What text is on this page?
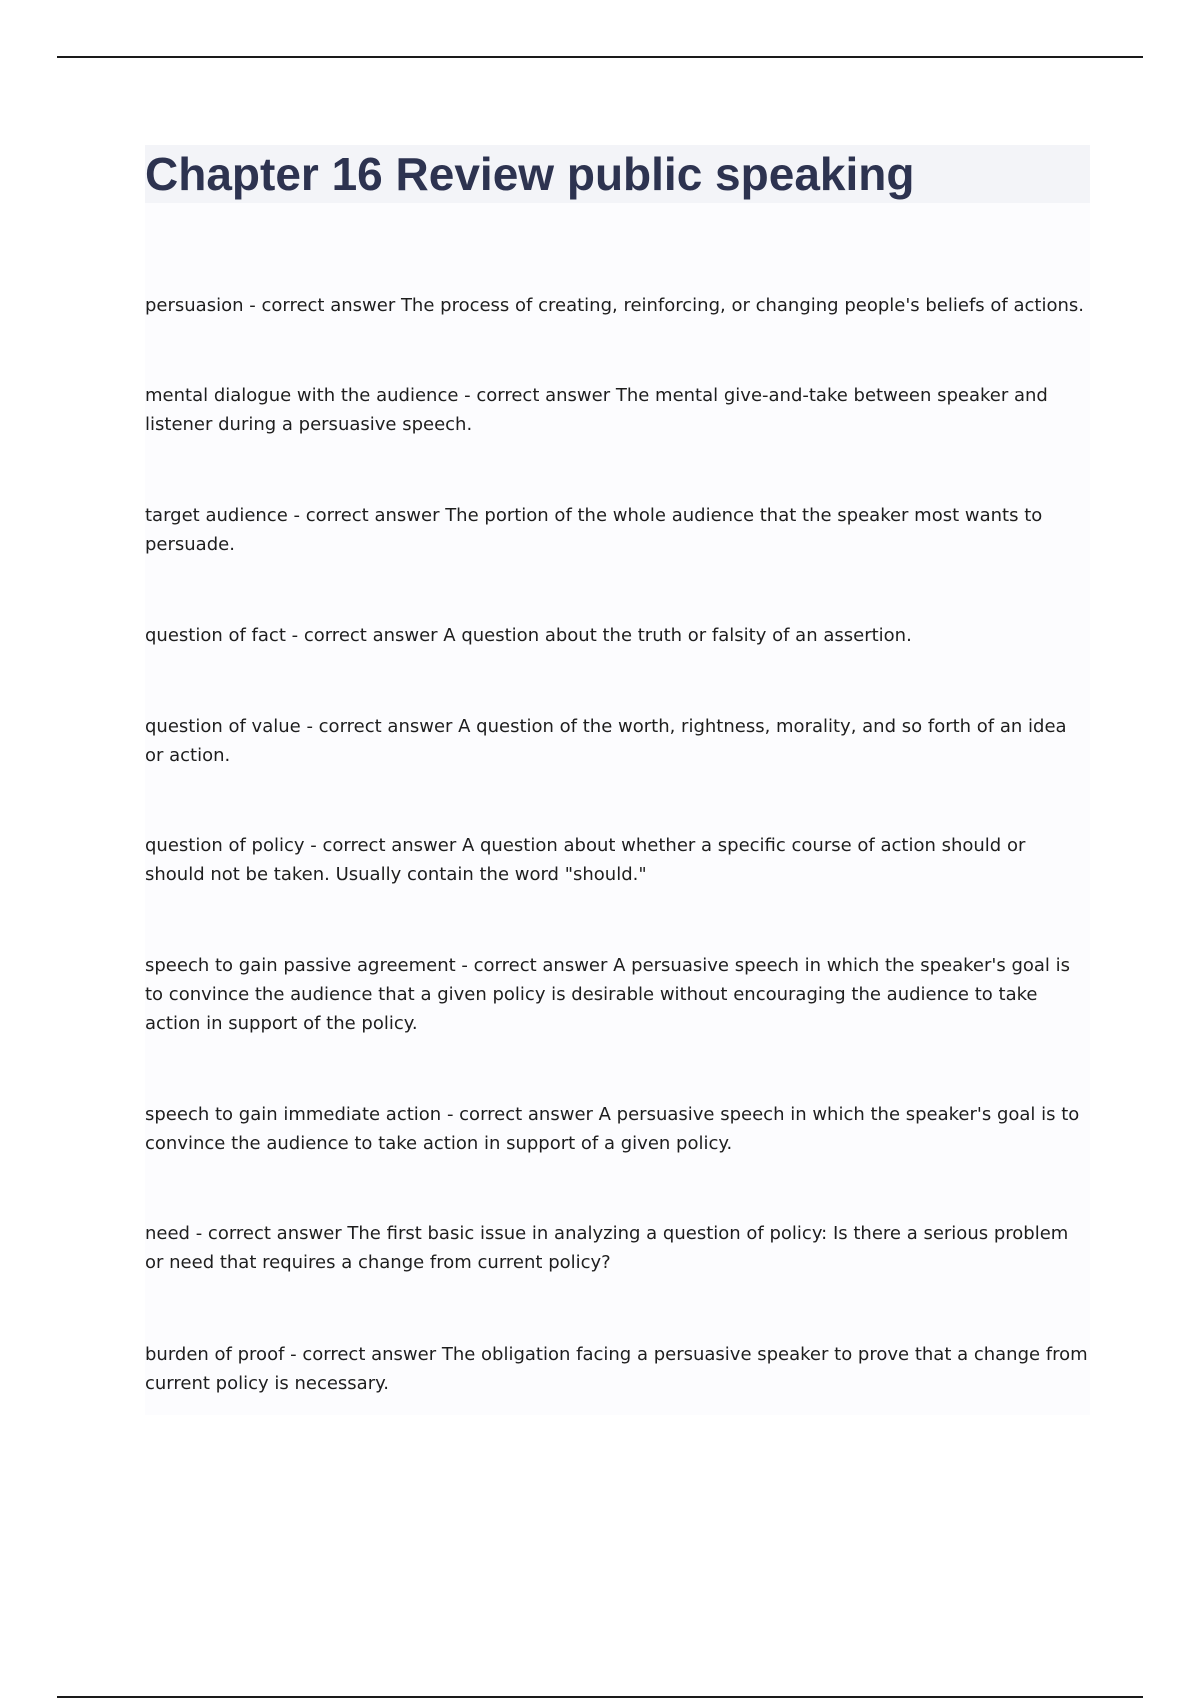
Chapter 16 Review public speaking

persuasion - correct answer The process of creating, reinforcing, or changing people's beliefs of actions.

mental dialogue with the audience - correct answer The mental give-and-take between speaker and listener during a persuasive speech.

target audience - correct answer The portion of the whole audience that the speaker most wants to persuade.

question of fact - correct answer A question about the truth or falsity of an assertion.

question of value - correct answer A question of the worth, rightness, morality, and so forth of an idea or action.

question of policy - correct answer A question about whether a specific course of action should or should not be taken. Usually contain the word "should."

speech to gain passive agreement - correct answer A persuasive speech in which the speaker's goal is to convince the audience that a given policy is desirable without encouraging the audience to take action in support of the policy.

speech to gain immediate action - correct answer A persuasive speech in which the speaker's goal is to convince the audience to take action in support of a given policy.

need - correct answer The first basic issue in analyzing a question of policy: Is there a serious problem or need that requires a change from current policy?

burden of proof - correct answer The obligation facing a persuasive speaker to prove that a change from current policy is necessary.
